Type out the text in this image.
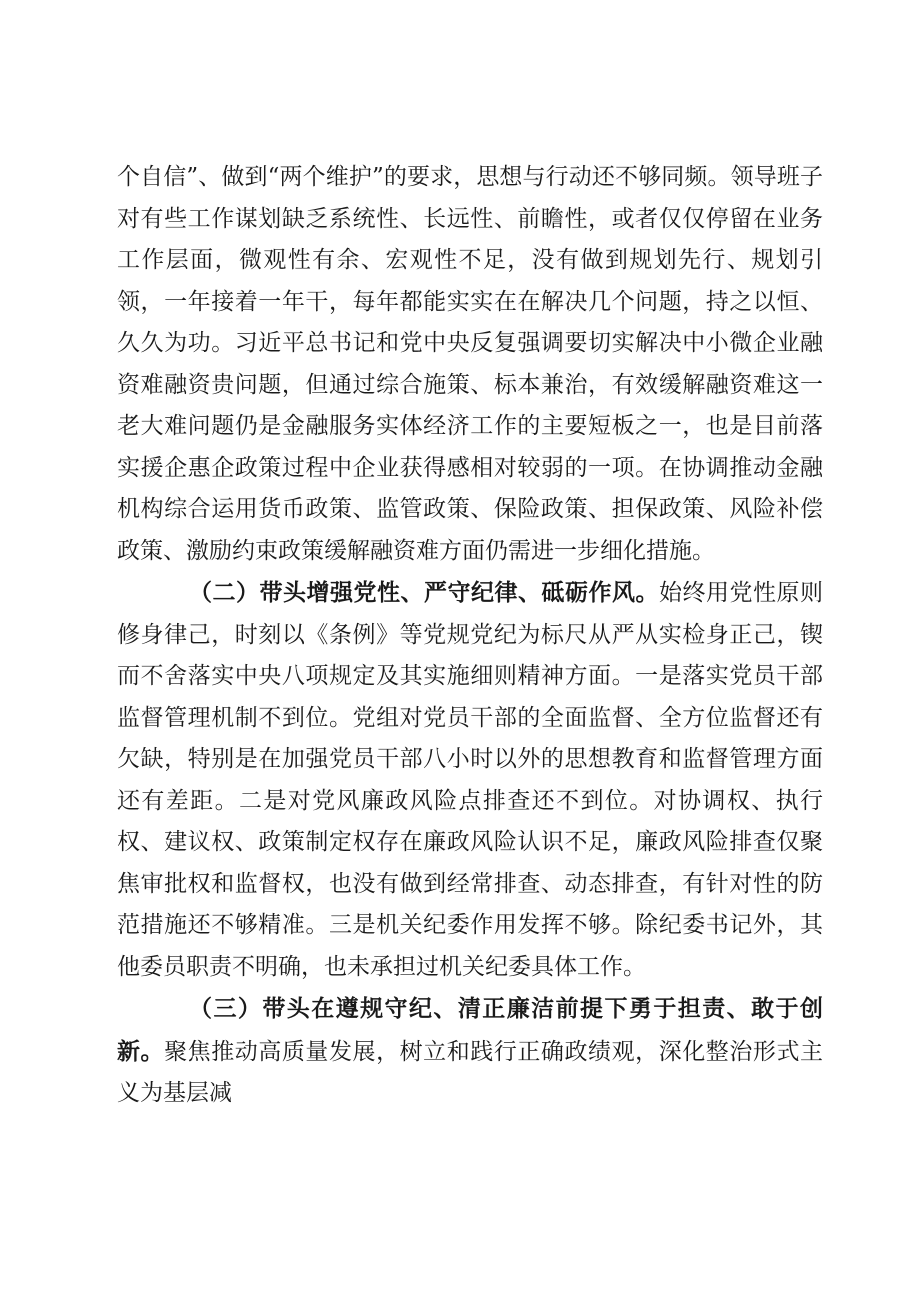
个自信”、做到“两个维护”的要求，思想与行动还不够同频。领导班子对有些工作谋划缺乏系统性、长远性、前瞻性，或者仅仅停留在业务工作层面，微观性有余、宏观性不足，没有做到规划先行、规划引领，一年接着一年干，每年都能实实在在解决几个问题，持之以恒、久久为功。习近平总书记和党中央反复强调要切实解决中小微企业融资难融资贵问题，但通过综合施策、标本兼治，有效缓解融资难这一老大难问题仍是金融服务实体经济工作的主要短板之一，也是目前落实援企惠企政策过程中企业获得感相对较弱的一项。在协调推动金融机构综合运用货币政策、监管政策、保险政策、担保政策、风险补偿政策、激励约束政策缓解融资难方面仍需进一步细化措施。

（二）带头增强党性、严守纪律、砥砺作风。始终用党性原则修身律己，时刻以《条例》等党规党纪为标尺从严从实检身正己，锲而不舍落实中央八项规定及其实施细则精神方面。一是落实党员干部监督管理机制不到位。党组对党员干部的全面监督、全方位监督还有欠缺，特别是在加强党员干部八小时以外的思想教育和监督管理方面还有差距。二是对党风廉政风险点排查还不到位。对协调权、执行权、建议权、政策制定权存在廉政风险认识不足，廉政风险排查仅聚焦审批权和监督权，也没有做到经常排查、动态排查，有针对性的防范措施还不够精准。三是机关纪委作用发挥不够。除纪委书记外，其他委员职责不明确，也未承担过机关纪委具体工作。

（三）带头在遵规守纪、清正廉洁前提下勇于担责、敢于创新。聚焦推动高质量发展，树立和践行正确政绩观，深化整治形式主义为基层减
